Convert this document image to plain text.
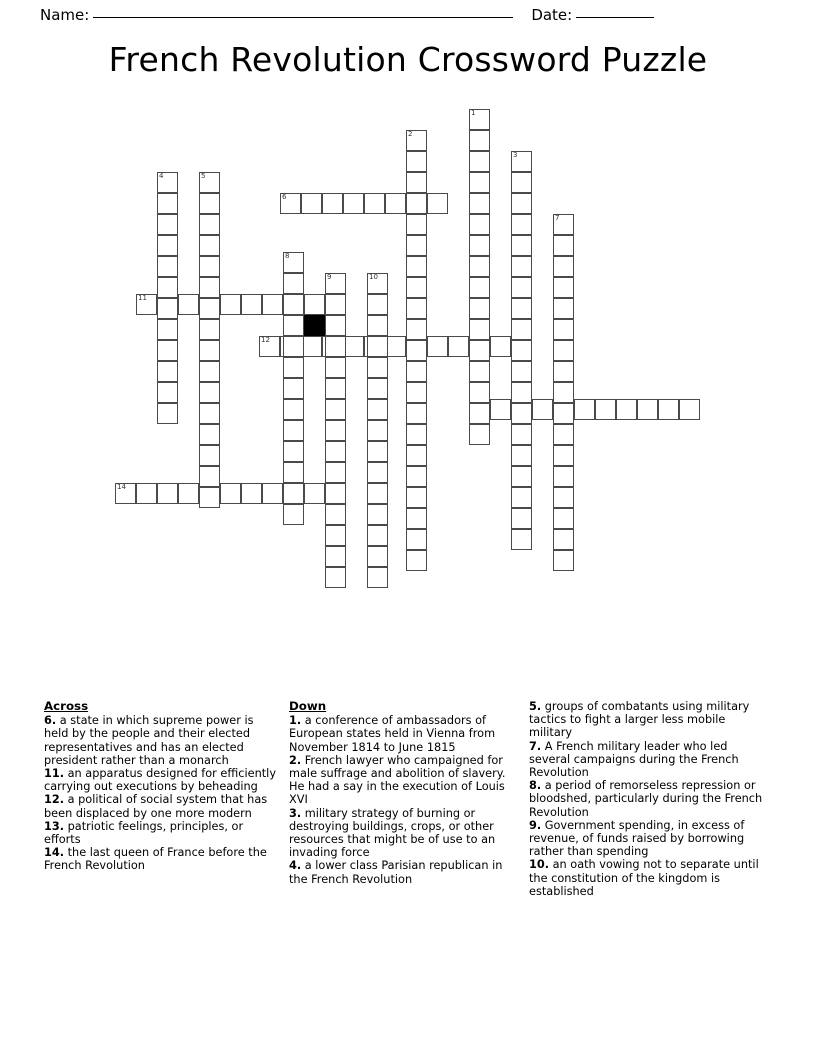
Name:	Date:
French Revolution Crossword Puzzle
6
11
12
14
1
2
3
4	5
7
8
9	10
Across

6. a state in which supreme power is held by the people and their elected representatives and has an elected president rather than a monarch

11. an apparatus designed for efficiently carrying out executions by beheading

12. a political of social system that has been displaced by one more modern

13. patriotic feelings, principles, or efforts

14. the last queen of France before the French Revolution

Down

1. a conference of ambassadors of European states held in Vienna from November 1814 to June 1815

2. French lawyer who campaigned for male suffrage and abolition of slavery. He had a say in the execution of Louis XVI

3. military strategy of burning or destroying buildings, crops, or other resources that might be of use to an invading force

4. a lower class Parisian republican in the French Revolution

5. groups of combatants using military tactics to fight a larger less mobile military

7. A French military leader who led several campaigns during the French Revolution

8. a period of remorseless repression or bloodshed, particularly during the French Revolution

9. Government spending, in excess of revenue, of funds raised by borrowing rather than spending

10. an oath vowing not to separate until the constitution of the kingdom is established
